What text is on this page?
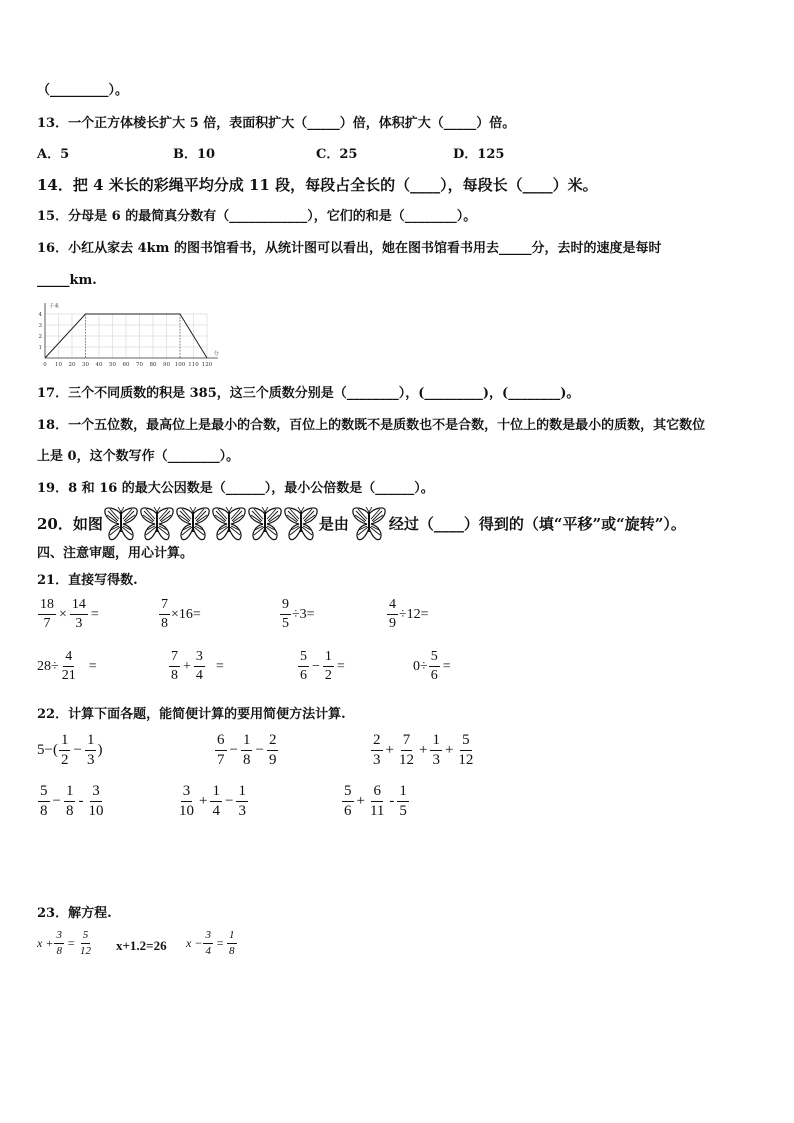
（_________）。
13．一个正方体棱长扩大 5 倍，表面积扩大（_____）倍，体积扩大（_____）倍。
A．5	B．10	C．25	D．125
14．把 4 米长的彩绳平均分成 11 段，每段占全长的（____），每段长（____）米。
15．分母是 6 的最简真分数有（____________），它们的和是（________）。
16．小红从家去 4km 的图书馆看书，从统计图可以看出，她在图书馆看书用去_____分，去时的速度是每时
_____km.
1
2
3
4
0 10 20 30 40 50 60 70 80 90 100 110 120
千米
分
17．三个不同质数的积是 385，这三个质数分别是（________），(_________)，(________)。
18．一个五位数，最高位上是最小的合数，百位上的数既不是质数也不是合数，十位上的数是最小的质数，其它数位
上是 0，这个数写作（________）。
19．8 和 16 的最大公因数是（______），最小公倍数是（______）。
20．如图	是由	经过（____）得到的（填“平移”或“旋转”）。
四、注意审题，用心计算。
21．直接写得数.
$\frac{18}{7} \times \frac{14}{3}$ =	$\frac{7}{8} \times 16=$	$\frac{9}{5} \div 3=$	$\frac{4}{9} \div 12=$
$28\div \frac{4}{21}$ =	$\frac{7}{8} + \frac{3}{4}$ =	$\frac{5}{6} - \frac{1}{2}$ =	$0\div \frac{5}{6}$ =
22．计算下面各题，能简便计算的要用简便方法计算.
$5-( \frac{1}{2} - \frac{1}{3}$ )	$\frac{6}{7} - \frac{1}{8} - \frac{2}{9}$	$\frac{2}{3} + \frac{7}{12} + \frac{1}{3} + \frac{5}{12}$
$\frac{5}{8} - \frac{1}{8} - \frac{3}{10}$	$\frac{3}{10} + \frac{1}{4} - \frac{1}{3}$	$\frac{5}{6} + \frac{6}{11} - \frac{1}{5}$
23．解方程.
$x + \frac{3}{8} = \frac{5}{12} x+1.2=26$ $x - \frac{3}{4} = \frac{1}{8}$
